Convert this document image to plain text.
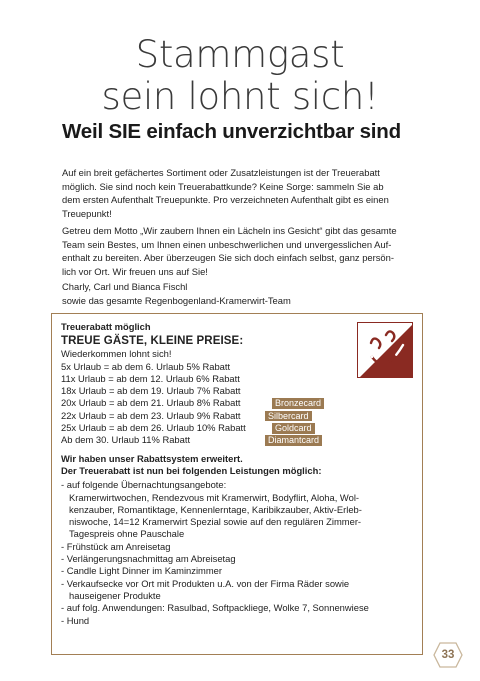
Stammgast
sein lohnt sich!
Weil SIE einfach unverzichtbar sind

Auf ein breit gefächertes Sortiment oder Zusatzleistungen ist der Treuerabatt

möglich. Sie sind noch kein Treuerabattkunde? Keine Sorge: sammeln Sie ab

dem ersten Aufenthalt Treuepunkte. Pro verzeichneten Aufenthalt gibt es einen

Treuepunkt!

Getreu dem Motto „Wir zaubern Ihnen ein Lächeln ins Gesicht“ gibt das gesamte

Team sein Bestes, um Ihnen einen unbeschwerlichen und unvergesslichen Auf-

enthalt zu bereiten. Aber überzeugen Sie sich doch einfach selbst, ganz persön-

lich vor Ort. Wir freuen uns auf Sie!

Charly, Carl und Bianca Fischl

sowie das gesamte Regenbogenland-Kramerwirt-Team

Treuerabatt möglich
TREUE GÄSTE, KLEINE PREISE:
Wiederkommen lohnt sich!
5x Urlaub = ab dem 6. Urlaub 5% Rabatt
11x Urlaub = ab dem 12. Urlaub 6% Rabatt
18x Urlaub = ab dem 19. Urlaub 7% Rabatt
20x Urlaub = ab dem 21. Urlaub 8% Rabatt	Bronzecard
22x Urlaub = ab dem 23. Urlaub 9% Rabatt	Silbercard
25x Urlaub = ab dem 26. Urlaub 10% Rabatt	Goldcard
Ab dem 30. Urlaub 11% Rabatt	Diamantcard
Wir haben unser Rabattsystem erweitert.
Der Treuerabatt ist nun bei folgenden Leistungen möglich:
- auf folgende Übernachtungsangebote:
Kramerwirtwochen, Rendezvous mit Kramerwirt, Bodyflirt, Aloha, Wol-
kenzauber, Romantiktage, Kennenlerntage, Karibikzauber, Aktiv-Erleb-
niswoche, 14=12 Kramerwirt Spezial sowie auf den regulären Zimmer-
Tagespreis ohne Pauschale
- Frühstück am Anreisetag
- Verlängerungsnachmittag am Abreisetag
- Candle Light Dinner im Kaminzimmer
- Verkaufsecke vor Ort mit Produkten u.A. von der Firma Räder sowie
hauseigener Produkte
- auf folg. Anwendungen: Rasulbad, Softpackliege, Wolke 7, Sonnenwiese
- Hund
33
